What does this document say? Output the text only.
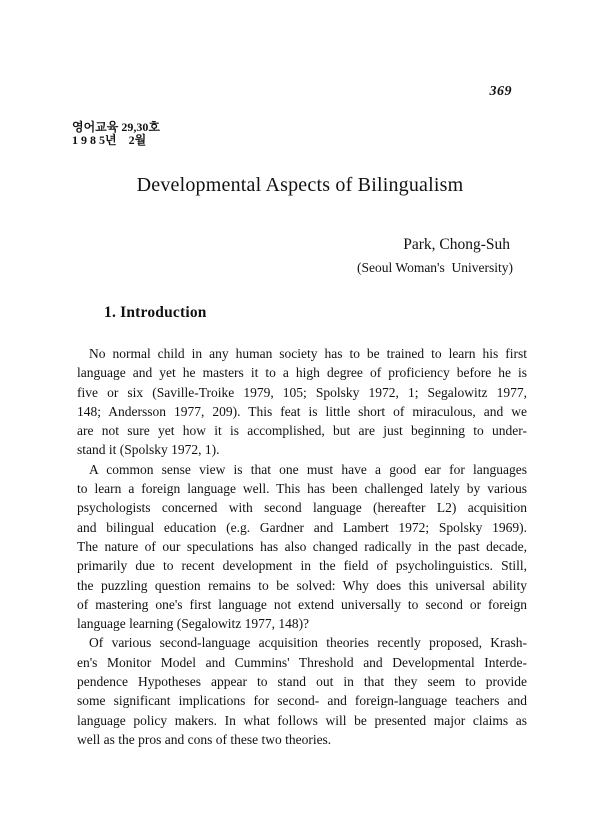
369
영어교육 29,30호
1 9 8 5년    2월
Developmental Aspects of Bilingualism
Park, Chong-Suh
(Seoul Woman's  University)
1. Introduction
No normal child in any human society has to be trained to learn his first
language and yet he masters it to a high degree of proficiency before he is
five or six (Saville-Troike 1979, 105; Spolsky 1972, 1; Segalowitz 1977,
148; Andersson 1977, 209). This feat is little short of miraculous, and we
are not sure yet how it is accomplished, but are just beginning to under-
stand it (Spolsky 1972, 1).
A common sense view is that one must have a good ear for languages
to learn a foreign language well. This has been challenged lately by various
psychologists concerned with second language (hereafter L2) acquisition
and bilingual education (e.g. Gardner and Lambert 1972; Spolsky 1969).
The nature of our speculations has also changed radically in the past decade,
primarily due to recent development in the field of psycholinguistics. Still,
the puzzling question remains to be solved: Why does this universal ability
of mastering one's first language not extend universally to second or foreign
language learning (Segalowitz 1977, 148)?
Of various second-language acquisition theories recently proposed, Krash-
en's Monitor Model and Cummins' Threshold and Developmental Interde-
pendence Hypotheses appear to stand out in that they seem to provide
some significant implications for second- and foreign-language teachers and
language policy makers. In what follows will be presented major claims as
well as the pros and cons of these two theories.
